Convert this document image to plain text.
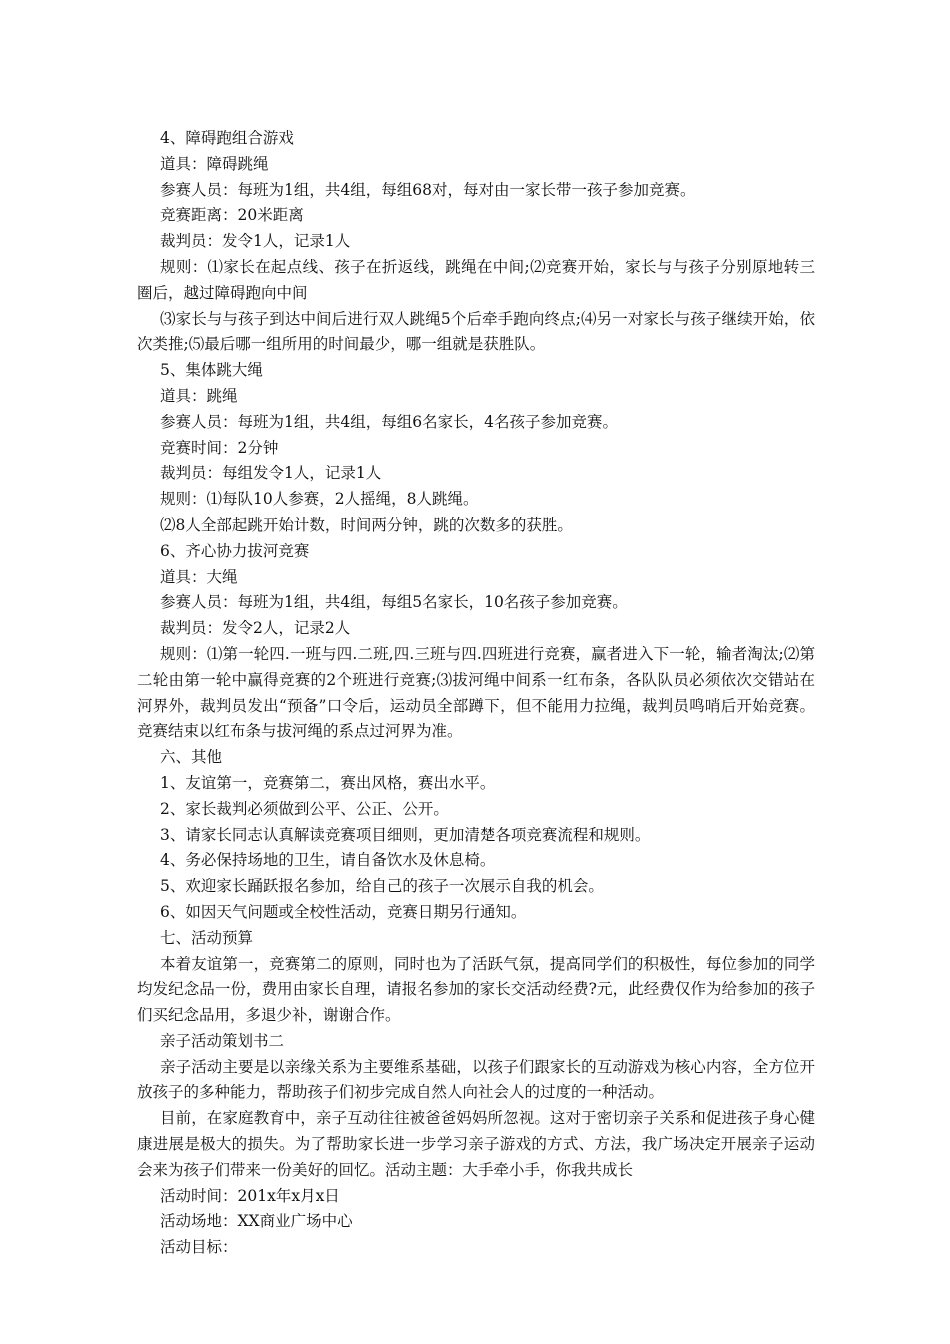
4、障碍跑组合游戏

道具：障碍跳绳

参赛人员：每班为1组，共4组，每组68对，每对由一家长带一孩子参加竞赛。

竞赛距离：20米距离

裁判员：发令1人，记录1人

规则：⑴家长在起点线、孩子在折返线，跳绳在中间;⑵竞赛开始，家长与与孩子分别原地转三圈后，越过障碍跑向中间

⑶家长与与孩子到达中间后进行双人跳绳5个后牵手跑向终点;⑷另一对家长与孩子继续开始，依次类推;⑸最后哪一组所用的时间最少，哪一组就是获胜队。

5、集体跳大绳

道具：跳绳

参赛人员：每班为1组，共4组，每组6名家长，4名孩子参加竞赛。

竞赛时间：2分钟

裁判员：每组发令1人，记录1人

规则：⑴每队10人参赛，2人摇绳，8人跳绳。

⑵8人全部起跳开始计数，时间两分钟，跳的次数多的获胜。

6、齐心协力拔河竞赛

道具：大绳

参赛人员：每班为1组，共4组，每组5名家长，10名孩子参加竞赛。

裁判员：发令2人，记录2人

规则：⑴第一轮四.一班与四.二班,四.三班与四.四班进行竞赛，赢者进入下一轮，输者淘汰;⑵第二轮由第一轮中赢得竞赛的2个班进行竞赛;⑶拔河绳中间系一红布条，各队队员必须依次交错站在河界外，裁判员发出“预备”口令后，运动员全部蹲下，但不能用力拉绳，裁判员鸣哨后开始竞赛。竞赛结束以红布条与拔河绳的系点过河界为准。

六、其他

1、友谊第一，竞赛第二，赛出风格，赛出水平。

2、家长裁判必须做到公平、公正、公开。

3、请家长同志认真解读竞赛项目细则，更加清楚各项竞赛流程和规则。

4、务必保持场地的卫生，请自备饮水及休息椅。

5、欢迎家长踊跃报名参加，给自己的孩子一次展示自我的机会。

6、如因天气问题或全校性活动，竞赛日期另行通知。

七、活动预算

本着友谊第一，竞赛第二的原则，同时也为了活跃气氛，提高同学们的积极性，每位参加的同学均发纪念品一份，费用由家长自理，请报名参加的家长交活动经费?元，此经费仅作为给参加的孩子们买纪念品用，多退少补，谢谢合作。

亲子活动策划书二

亲子活动主要是以亲缘关系为主要维系基础，以孩子们跟家长的互动游戏为核心内容，全方位开放孩子的多种能力，帮助孩子们初步完成自然人向社会人的过度的一种活动。

目前，在家庭教育中，亲子互动往往被爸爸妈妈所忽视。这对于密切亲子关系和促进孩子身心健康进展是极大的损失。为了帮助家长进一步学习亲子游戏的方式、方法，我广场决定开展亲子运动会来为孩子们带来一份美好的回忆。活动主题：大手牵小手，你我共成长

活动时间：201x年x月x日

活动场地：XX商业广场中心

活动目标：
